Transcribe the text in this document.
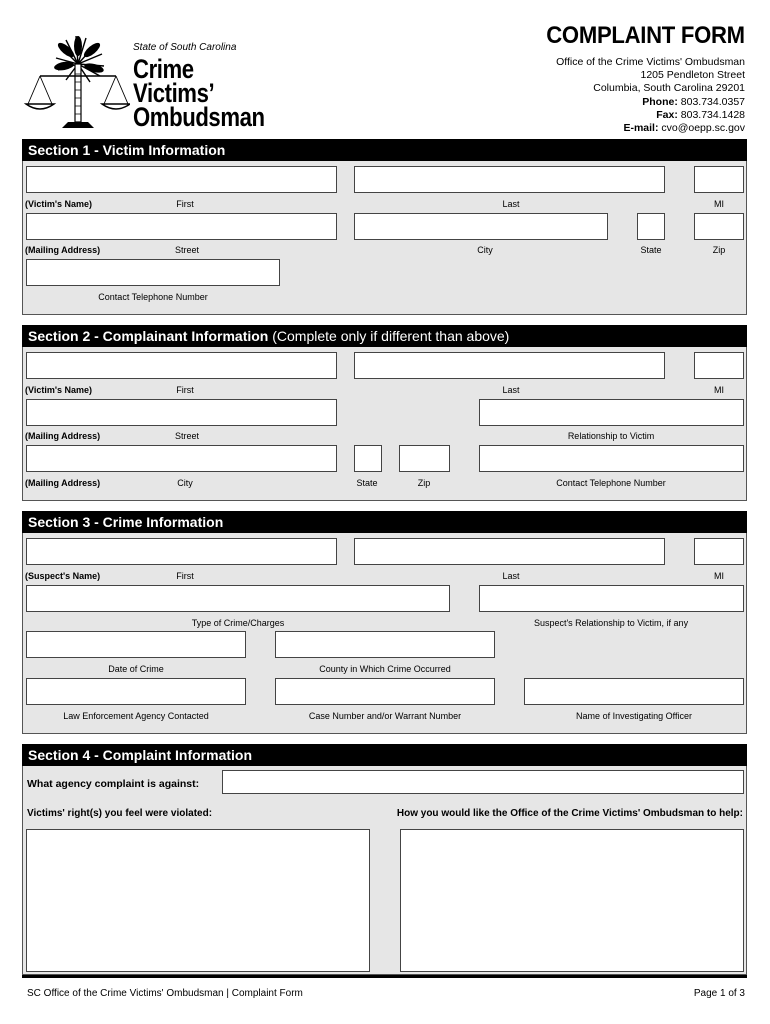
State of South Carolina
Crime
Victims’
Ombudsman
COMPLAINT FORM
Office of the Crime Victims' Ombudsman
1205 Pendleton Street
Columbia, South Carolina 29201
Phone: 803.734.0357
Fax: 803.734.1428
E-mail: cvo@oepp.sc.gov
Section 1 - Victim Information
(Victim's Name)	First	Last	MI
(Mailing Address)	Street	City	State	Zip
Contact Telephone Number
Section 2 - Complainant Information (Complete only if different than above)
(Victim's Name)	First	Last	MI
(Mailing Address)	Street	Relationship to Victim
(Mailing Address)	City	State	Zip	Contact Telephone Number
Section 3 - Crime Information
(Suspect's Name)	First	Last	MI
Type of Crime/Charges	Suspect's Relationship to Victim, if any
Date of Crime	County in Which Crime Occurred
Law Enforcement Agency Contacted	Case Number and/or Warrant Number	Name of Investigating Officer
Section 4 - Complaint Information
What agency complaint is against:
Victims' right(s) you feel were violated:	How you would like the Office of the Crime Victims' Ombudsman to help:
SC Office of the Crime Victims' Ombudsman | Complaint Form	Page 1 of 3
